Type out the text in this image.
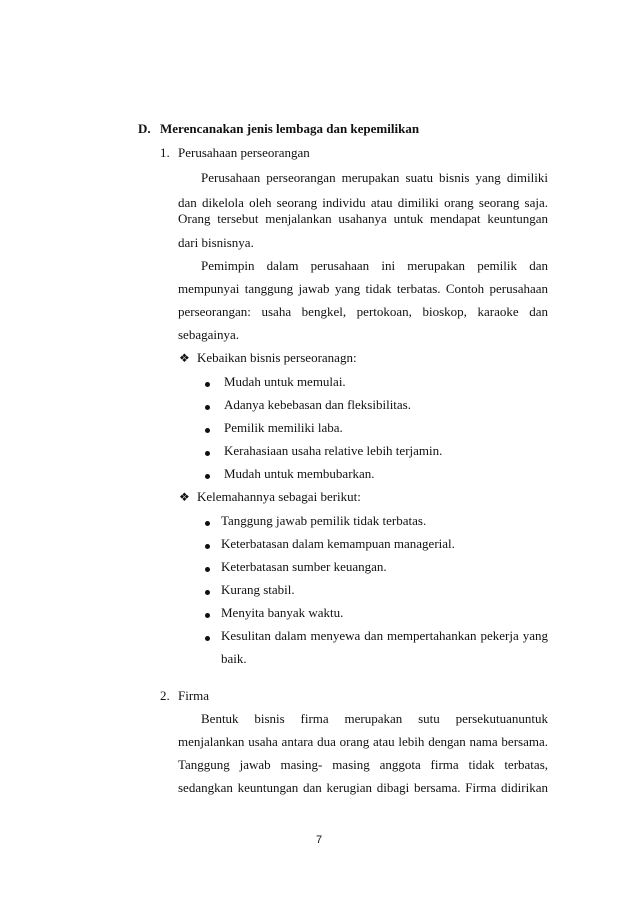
D. Merencanakan jenis lembaga dan kepemilikan
1. Perusahaan perseorangan
Perusahaan perseorangan merupakan suatu bisnis yang dimiliki
dan dikelola oleh seorang individu atau dimiliki orang seorang saja.
Orang tersebut menjalankan usahanya untuk mendapat keuntungan
dari bisnisnya.
Pemimpin dalam perusahaan ini merupakan pemilik dan
mempunyai tanggung jawab yang tidak terbatas. Contoh perusahaan
perseorangan: usaha bengkel, pertokoan, bioskop, karaoke dan
sebagainya.
❖ Kebaikan bisnis perseoranagn:
Mudah untuk memulai.
Adanya kebebasan dan fleksibilitas.
Pemilik memiliki laba.
Kerahasiaan usaha relative lebih terjamin.
Mudah untuk membubarkan.
❖ Kelemahannya sebagai berikut:
Tanggung jawab pemilik tidak terbatas.
Keterbatasan dalam kemampuan managerial.
Keterbatasan sumber keuangan.
Kurang stabil.
Menyita banyak waktu.
Kesulitan dalam menyewa dan mempertahankan pekerja yang
baik.
2. Firma
Bentuk bisnis firma merupakan sutu persekutuanuntuk
menjalankan usaha antara dua orang atau lebih dengan nama bersama.
Tanggung jawab masing- masing anggota firma tidak terbatas,
sedangkan keuntungan dan kerugian dibagi bersama. Firma didirikan
7
